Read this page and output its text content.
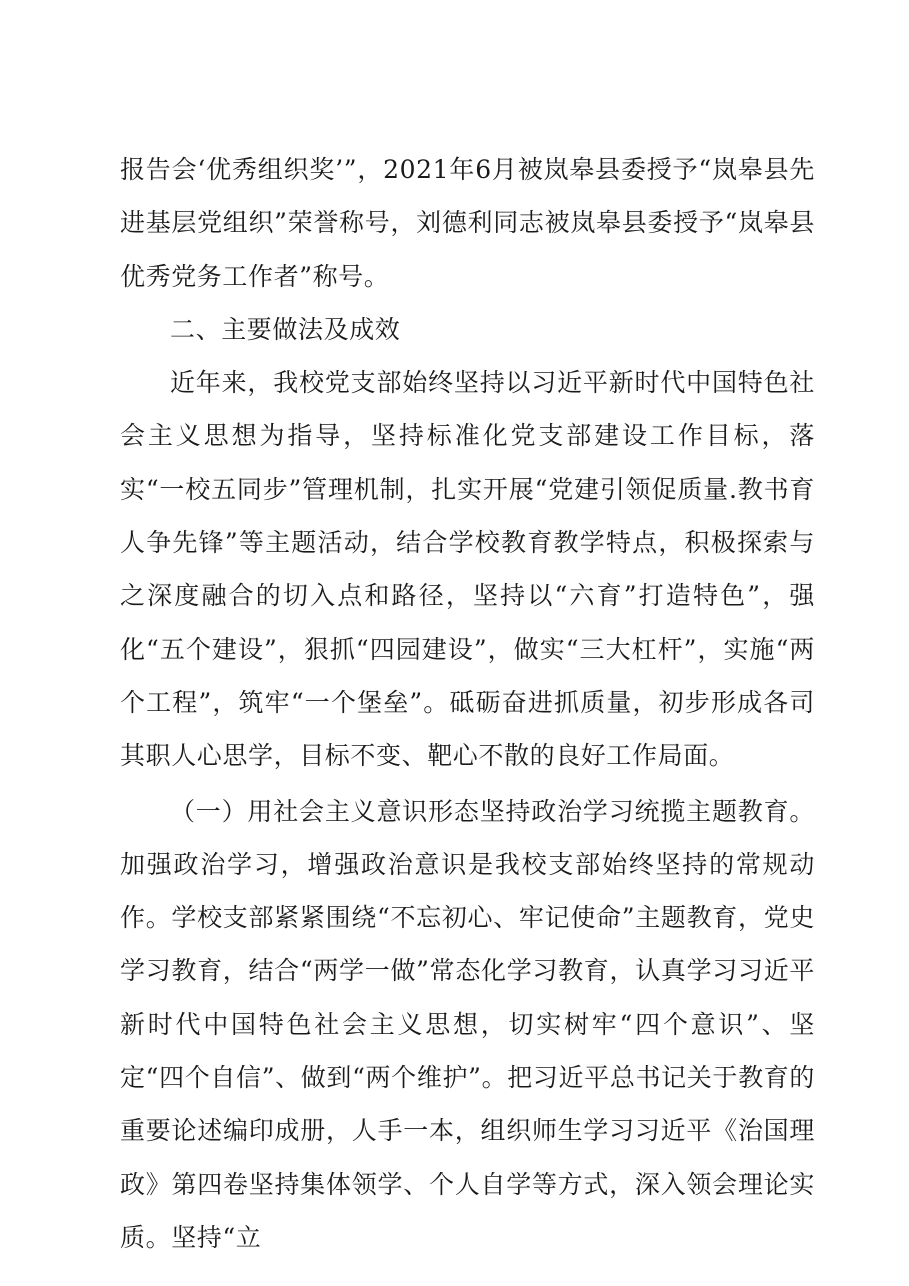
报告会‘优秀组织奖’”，2021年6月被岚皋县委授予“岚皋县先进基层党组织”荣誉称号，刘德利同志被岚皋县委授予“岚皋县优秀党务工作者”称号。

二、主要做法及成效

近年来，我校党支部始终坚持以习近平新时代中国特色社会主义思想为指导，坚持标准化党支部建设工作目标，落实“一校五同步”管理机制，扎实开展“党建引领促质量.教书育人争先锋”等主题活动，结合学校教育教学特点，积极探索与之深度融合的切入点和路径，坚持以“六育”打造特色”，强化“五个建设”，狠抓“四园建设”，做实“三大杠杆”，实施“两个工程”，筑牢“一个堡垒”。砥砺奋进抓质量，初步形成各司其职人心思学，目标不变、靶心不散的良好工作局面。

（一）用社会主义意识形态坚持政治学习统揽主题教育。加强政治学习，增强政治意识是我校支部始终坚持的常规动作。学校支部紧紧围绕“不忘初心、牢记使命”主题教育，党史学习教育，结合“两学一做”常态化学习教育，认真学习习近平新时代中国特色社会主义思想，切实树牢“四个意识”、坚定“四个自信”、做到“两个维护”。把习近平总书记关于教育的重要论述编印成册，人手一本，组织师生学习习近平《治国理政》第四卷坚持集体领学、个人自学等方式，深入领会理论实质。坚持“立
